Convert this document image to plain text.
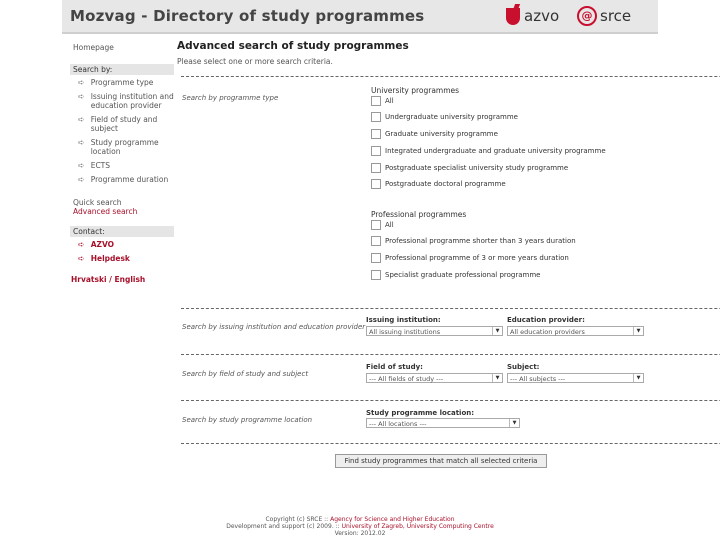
Mozvag - Directory of study programmes	azvo	@ srce
Homepage
Search by:
➪ Programme type
➪ Issuing institution and education provider
➪ Field of study and subject
➪ Study programme location
➪ ECTS
➪ Programme duration
Quick search
Advanced search
Contact:
➪ AZVO
➪ Helpdesk
Hrvatski / English
Advanced search of study programmes
Please select one or more search criteria.
Search by programme type
University programmes
All
Undergraduate university programme
Graduate university programme
Integrated undergraduate and graduate university programme
Postgraduate specialist university study programme
Postgraduate doctoral programme
Professional programmes
All
Professional programme shorter than 3 years duration
Professional programme of 3 or more years duration
Specialist graduate professional programme
Search by issuing institution and education provider
Issuing institution:
All issuing institutions	▼
Education provider:
All education providers	▼
Search by field of study and subject
Field of study:
--- All fields of study ---	▼
Subject:
--- All subjects ---	▼
Search by study programme location
Study programme location:
--- All locations ---	▼
Find study programmes that match all selected criteria
Copyright (c) SRCE :: Agency for Science and Higher Education
Development and support (c) 2009. :: University of Zagreb, University Computing Centre
Version: 2012.02
